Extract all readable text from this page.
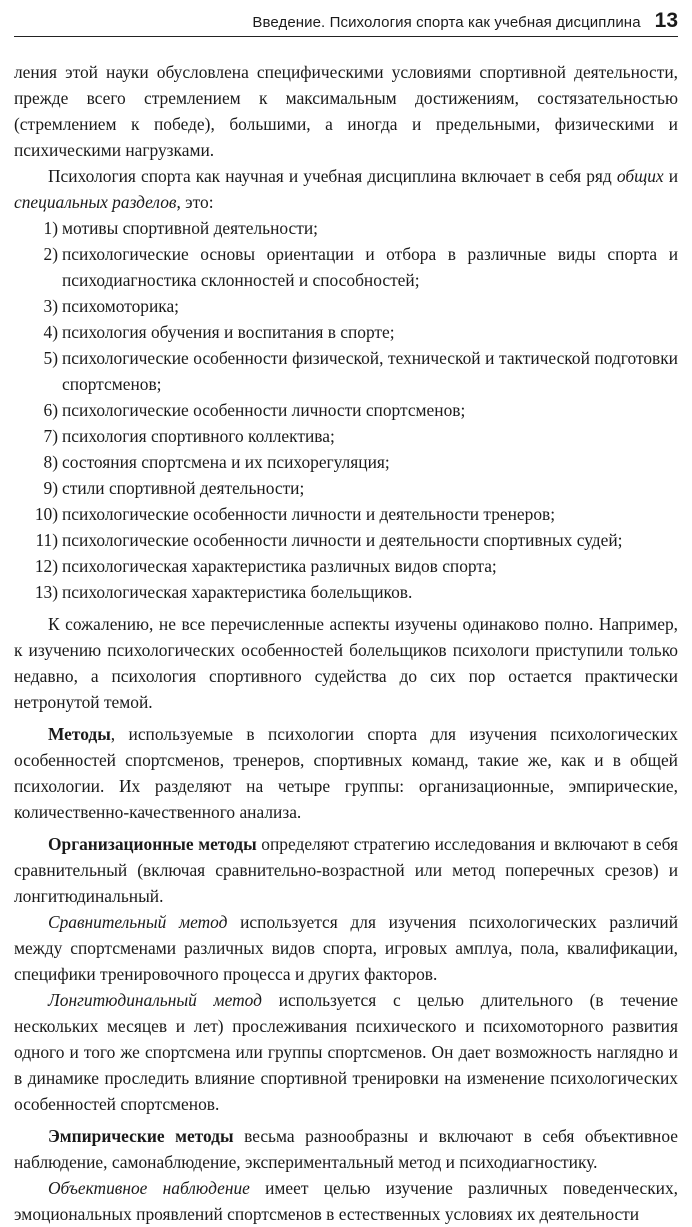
Введение. Психология спорта как учебная дисциплина 13

ления этой науки обусловлена специфическими условиями спортивной деятельности, прежде всего стремлением к максимальным достижениям, состязательностью (стремлением к победе), большими, а иногда и предельными, физическими и психическими нагрузками.

Психология спорта как научная и учебная дисциплина включает в себя ряд общих и специальных разделов, это:

1) мотивы спортивной деятельности;
2) психологические основы ориентации и отбора в различные виды спорта и психодиагностика склонностей и способностей;
3) психомоторика;
4) психология обучения и воспитания в спорте;
5) психологические особенности физической, технической и тактической подготовки спортсменов;
6) психологические особенности личности спортсменов;
7) психология спортивного коллектива;
8) состояния спортсмена и их психорегуляция;
9) стили спортивной деятельности;
10) психологические особенности личности и деятельности тренеров;
11) психологические особенности личности и деятельности спортивных судей;
12) психологическая характеристика различных видов спорта;
13) психологическая характеристика болельщиков.

К сожалению, не все перечисленные аспекты изучены одинаково полно. Например, к изучению психологических особенностей болельщиков психологи приступили только недавно, а психология спортивного судейства до сих пор остается практически нетронутой темой.

Методы, используемые в психологии спорта для изучения психологических особенностей спортсменов, тренеров, спортивных команд, такие же, как и в общей психологии. Их разделяют на четыре группы: организационные, эмпирические, количественно-качественного анализа.

Организационные методы определяют стратегию исследования и включают в себя сравнительный (включая сравнительно-возрастной или метод поперечных срезов) и лонгитюдинальный.

Сравнительный метод используется для изучения психологических различий между спортсменами различных видов спорта, игровых амплуа, пола, квалификации, специфики тренировочного процесса и других факторов.

Лонгитюдинальный метод используется с целью длительного (в течение нескольких месяцев и лет) прослеживания психического и психомоторного развития одного и того же спортсмена или группы спортсменов. Он дает возможность наглядно и в динамике проследить влияние спортивной тренировки на изменение психологических особенностей спортсменов.

Эмпирические методы весьма разнообразны и включают в себя объективное наблюдение, самонаблюдение, экспериментальный метод и психодиагностику.

Объективное наблюдение имеет целью изучение различных поведенческих, эмоциональных проявлений спортсменов в естественных условиях их деятельности
